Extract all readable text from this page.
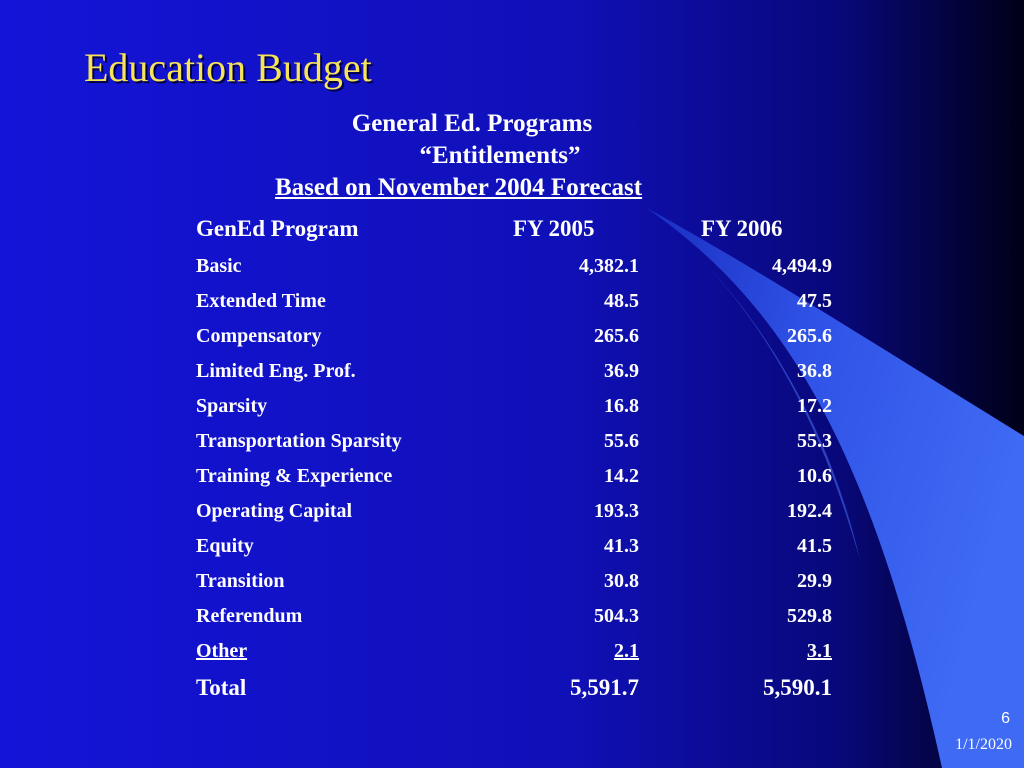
Education Budget
General Ed. Programs
“Entitlements”
Based on November 2004 Forecast
GenEd Program	FY 2005	FY 2006
Basic	4,382.1	4,494.9
Extended Time	48.5	47.5
Compensatory	265.6	265.6
Limited Eng. Prof.	36.9	36.8
Sparsity	16.8	17.2
Transportation Sparsity	55.6	55.3
Training & Experience	14.2	10.6
Operating Capital	193.3	192.4
Equity	41.3	41.5
Transition	30.8	29.9
Referendum	504.3	529.8
Other	2.1	3.1
Total	5,591.7	5,590.1
6
1/1/2020
